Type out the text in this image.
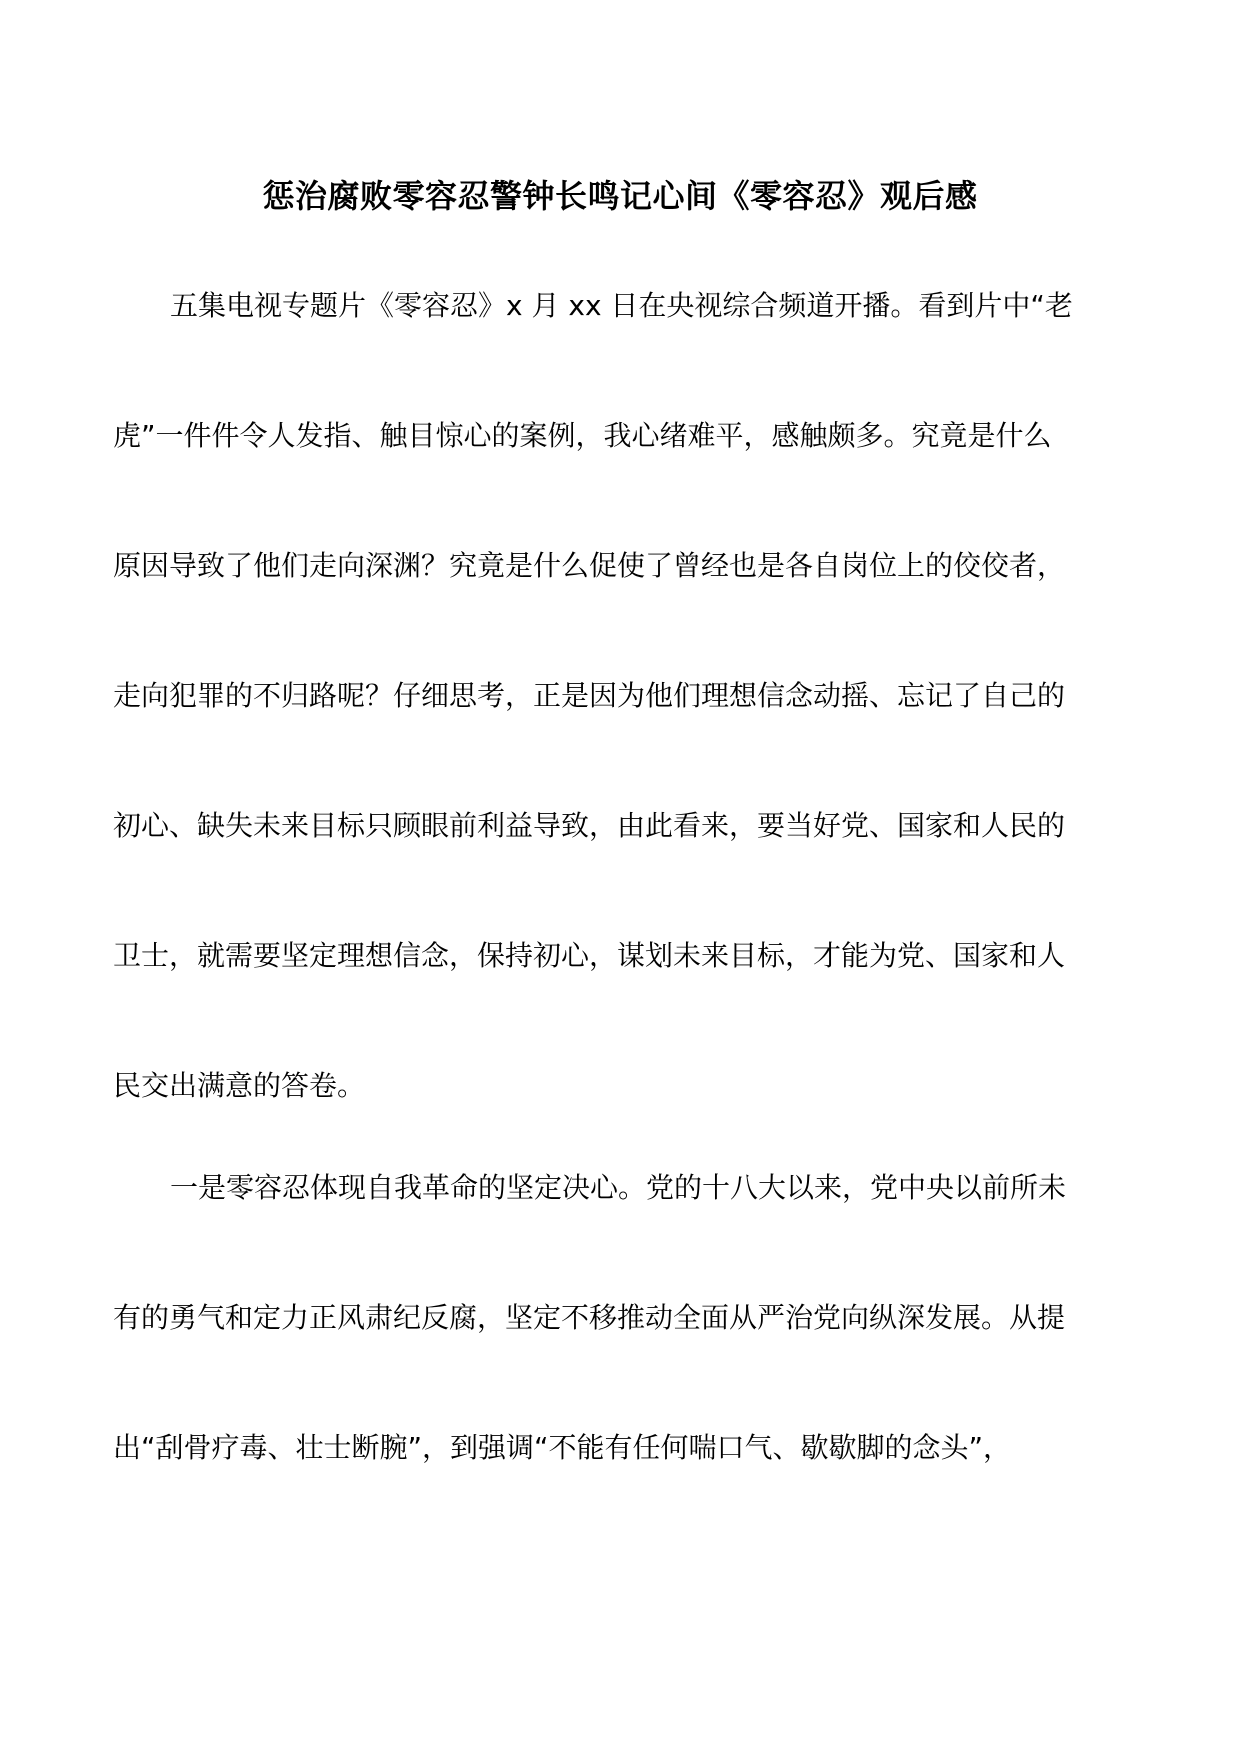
惩治腐败零容忍警钟长鸣记心间《零容忍》观后感
五集电视专题片《零容忍》x 月 xx 日在央视综合频道开播。看到片中“老
虎”一件件令人发指、触目惊心的案例，我心绪难平，感触颇多。究竟是什么
原因导致了他们走向深渊？究竟是什么促使了曾经也是各自岗位上的佼佼者，
走向犯罪的不归路呢？仔细思考，正是因为他们理想信念动摇、忘记了自己的
初心、缺失未来目标只顾眼前利益导致，由此看来，要当好党、国家和人民的
卫士，就需要坚定理想信念，保持初心，谋划未来目标，才能为党、国家和人
民交出满意的答卷。
一是零容忍体现自我革命的坚定决心。党的十八大以来，党中央以前所未
有的勇气和定力正风肃纪反腐，坚定不移推动全面从严治党向纵深发展。从提
出“刮骨疗毒、壮士断腕”，到强调“不能有任何喘口气、歇歇脚的念头”，
